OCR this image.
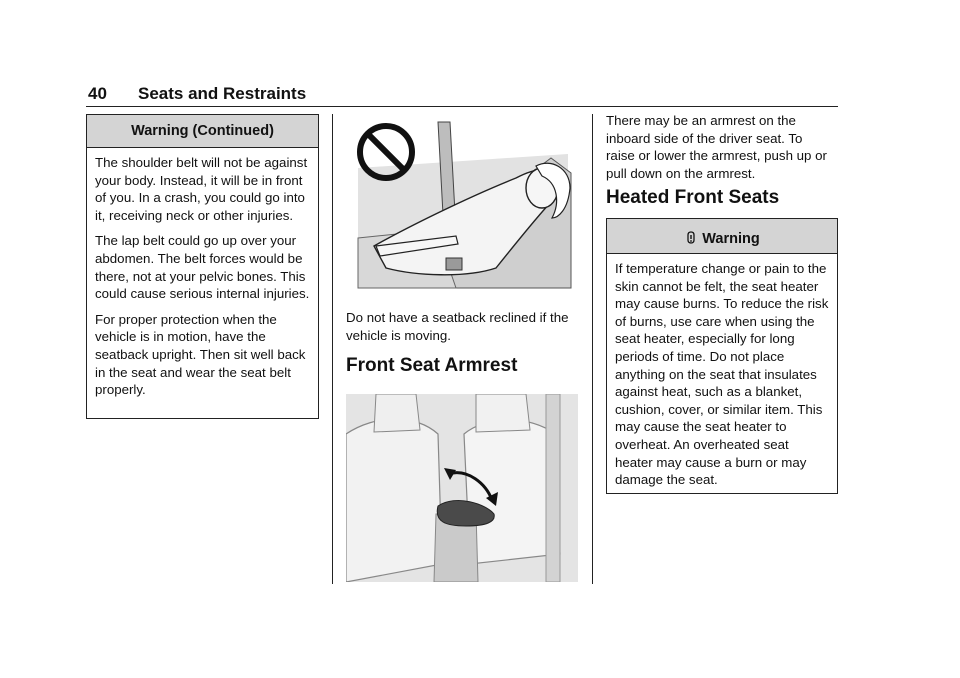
40 Seats and Restraints
Warning (Continued)

The shoulder belt will not be against your body. Instead, it will be in front of you. In a crash, you could go into it, receiving neck or other injuries.

The lap belt could go up over your abdomen. The belt forces would be there, not at your pelvic bones. This could cause serious internal injuries.

For proper protection when the vehicle is in motion, have the seatback upright. Then sit well back in the seat and wear the seat belt properly.

Do not have a seatback reclined if the vehicle is moving.

Front Seat Armrest

There may be an armrest on the inboard side of the driver seat. To raise or lower the armrest, push up or pull down on the armrest.

Heated Front Seats
Warning

If temperature change or pain to the skin cannot be felt, the seat heater may cause burns. To reduce the risk of burns, use care when using the seat heater, especially for long periods of time. Do not place anything on the seat that insulates against heat, such as a blanket, cushion, cover, or similar item. This may cause the seat heater to overheat. An overheated seat heater may cause a burn or may damage the seat.
